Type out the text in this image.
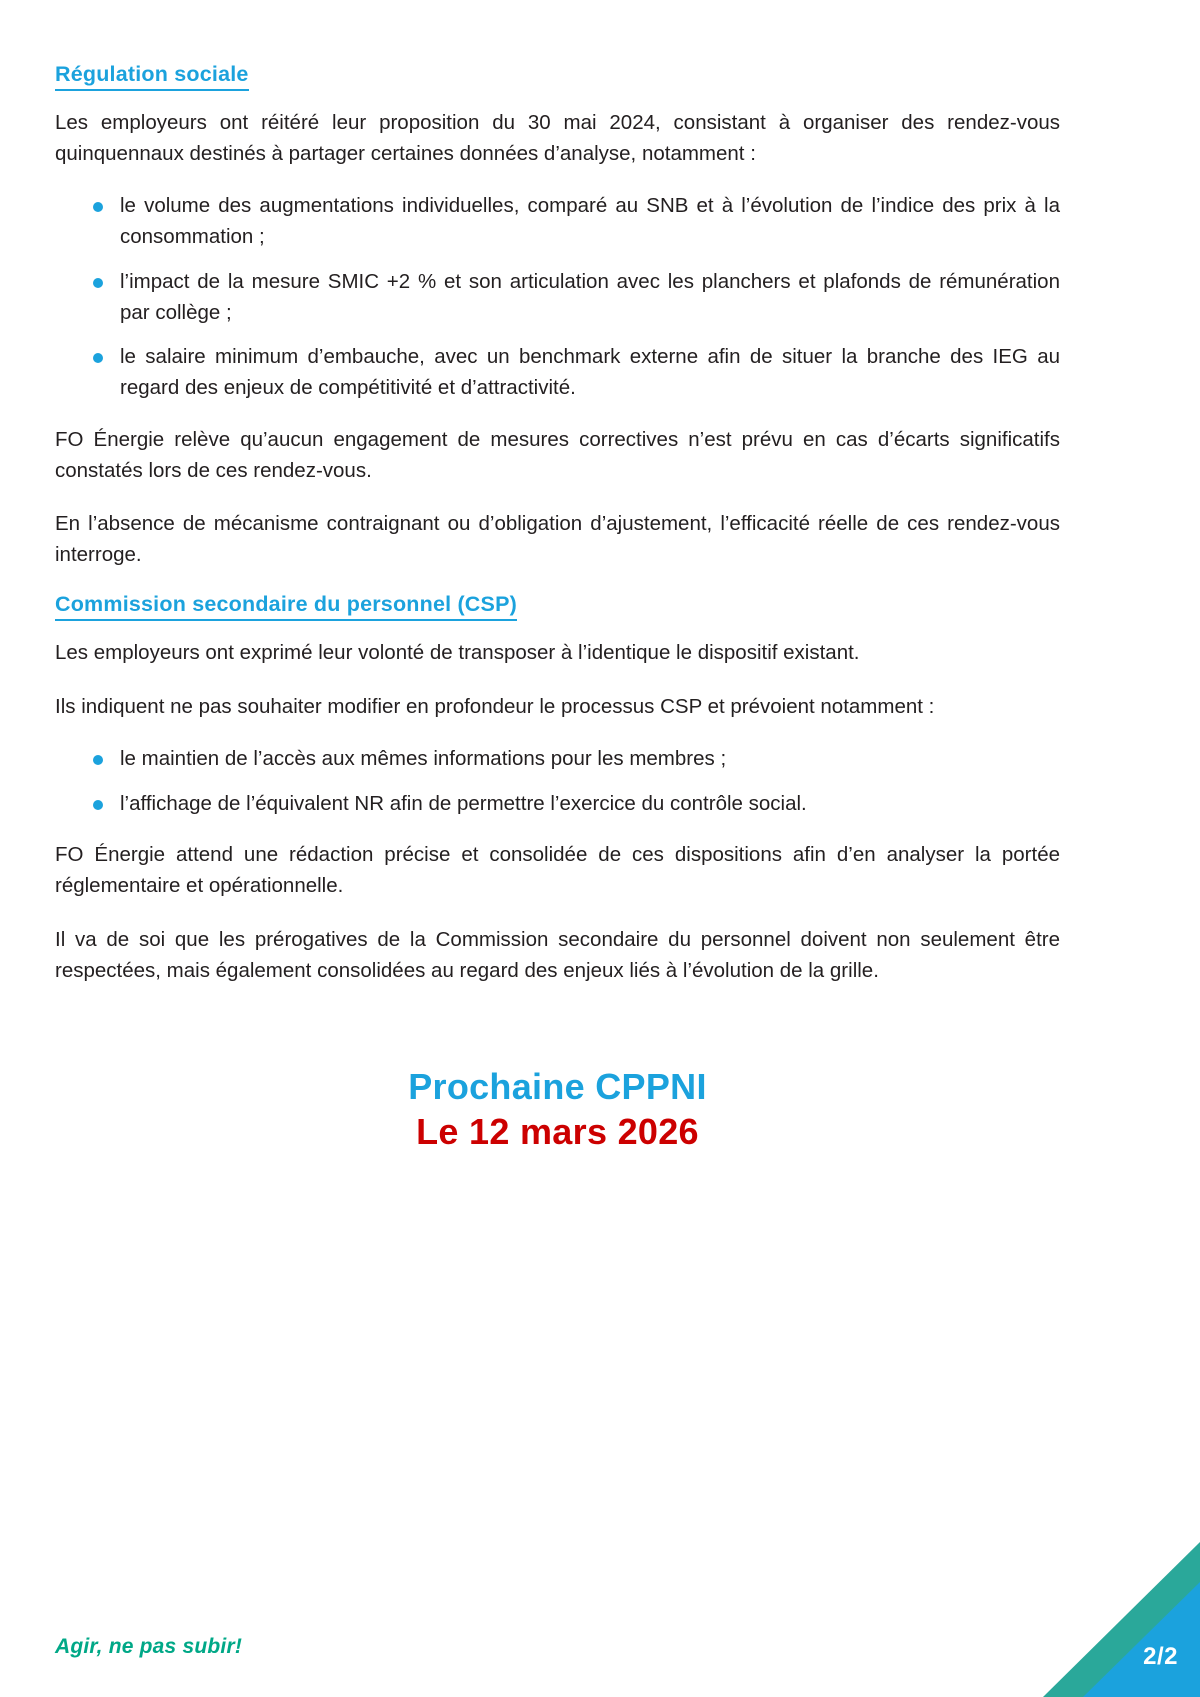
Régulation sociale

Les employeurs ont réitéré leur proposition du 30 mai 2024, consistant à organiser des rendez-vous quinquennaux destinés à partager certaines données d’analyse, notamment :

le volume des augmentations individuelles, comparé au SNB et à l’évolution de l’indice des prix à la consommation ;
l’impact de la mesure SMIC +2 % et son articulation avec les planchers et plafonds de rémunération par collège ;
le salaire minimum d’embauche, avec un benchmark externe afin de situer la branche des IEG au regard des enjeux de compétitivité et d’attractivité.

FO Énergie relève qu’aucun engagement de mesures correctives n’est prévu en cas d’écarts significatifs constatés lors de ces rendez-vous.

En l’absence de mécanisme contraignant ou d’obligation d’ajustement, l’efficacité réelle de ces rendez-vous interroge.

Commission secondaire du personnel (CSP)

Les employeurs ont exprimé leur volonté de transposer à l’identique le dispositif existant.

Ils indiquent ne pas souhaiter modifier en profondeur le processus CSP et prévoient notamment :

le maintien de l’accès aux mêmes informations pour les membres ;
l’affichage de l’équivalent NR afin de permettre l’exercice du contrôle social.

FO Énergie attend une rédaction précise et consolidée de ces dispositions afin d’en analyser la portée réglementaire et opérationnelle.

Il va de soi que les prérogatives de la Commission secondaire du personnel doivent non seulement être respectées, mais également consolidées au regard des enjeux liés à l’évolution de la grille.

Prochaine CPPNI
Le 12 mars 2026
Agir, ne pas subir!	2/2
